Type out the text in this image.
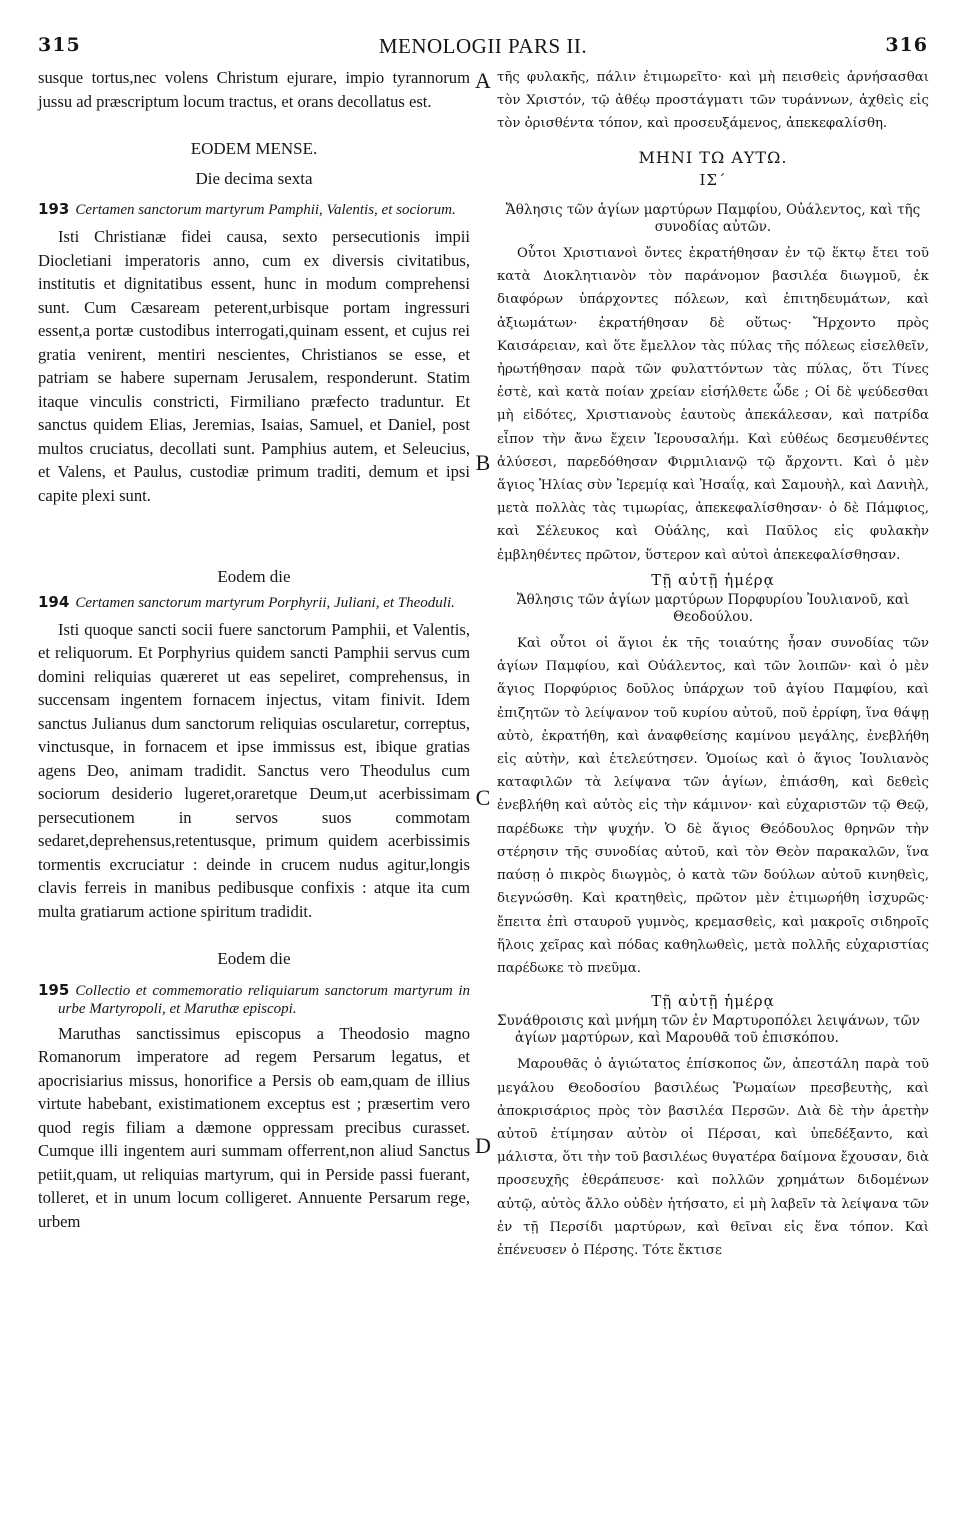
315	MENOLOGII PARS II.	316
A
B
C
D

susque tortus,nec volens Christum ejurare, impio tyrannorum jussu ad præscriptum locum tractus, et orans decollatus est.

EODEM MENSE.

Die decima sexta

193 Certamen sanctorum martyrum Pamphii, Valentis, et sociorum.

Isti Christianæ fidei causa, sexto persecutionis impii Diocletiani imperatoris anno, cum ex diversis civitatibus, institutis et dignitatibus essent, hunc in modum comprehensi sunt. Cum Cæsaream peterent,urbisque portam ingressuri essent,a portæ custodibus interrogati,quinam essent, et cujus rei gratia venirent, mentiri nescientes, Christianos se esse, et patriam se habere supernam Jerusalem, responderunt. Statim itaque vinculis constricti, Firmiliano præfecto traduntur. Et sanctus quidem Elias, Jeremias, Isaias, Samuel, et Daniel, post multos cruciatus, decollati sunt. Pamphius autem, et Seleucius, et Valens, et Paulus, custodiæ primum traditi, demum et ipsi capite plexi sunt.

Eodem die

194 Certamen sanctorum martyrum Porphyrii, Juliani, et Theoduli.

Isti quoque sancti socii fuere sanctorum Pamphii, et Valentis, et reliquorum. Et Porphyrius quidem sancti Pamphii servus cum domini reliquias quæreret ut eas sepeliret, comprehensus, in succensam ingentem fornacem injectus, vitam finivit. Idem sanctus Julianus dum sanctorum reliquias oscularetur, correptus, vinctusque, in fornacem et ipse immissus est, ibique gratias agens Deo, animam tradidit. Sanctus vero Theodulus cum sociorum desiderio lugeret,oraretque Deum,ut acerbissimam persecutionem in servos suos commotam sedaret,deprehensus,retentusque, primum quidem acerbissimis tormentis excruciatur : deinde in crucem nudus agitur,longis clavis ferreis in manibus pedibusque confixis : atque ita cum multa gratiarum actione spiritum tradidit.

Eodem die

195 Collectio et commemoratio reliquiarum sanctorum martyrum in urbe Martyropoli, et Maruthæ episcopi.

Maruthas sanctissimus episcopus a Theodosio magno Romanorum imperatore ad regem Persarum legatus, et apocrisiarius missus, honorifice a Persis ob eam,quam de illius virtute habebant, existimationem exceptus est ; præsertim vero quod regis filiam a dæmone oppressam precibus curasset. Cumque illi ingentem auri summam offerrent,non aliud Sanctus petiit,quam, ut reliquias martyrum, qui in Perside passi fuerant, tolleret, et in unum locum colligeret. Annuente Persarum rege, urbem

τῆς φυλακῆς, πάλιν ἐτιμωρεῖτο· καὶ μὴ πεισθεὶς ἀρνήσασθαι τὸν Χριστόν, τῷ ἀθέῳ προστάγματι τῶν τυράννων, ἀχθεὶς εἰς τὸν ὁρισθέντα τόπον, καὶ προσευξάμενος, ἀπεκεφαλίσθη.

ΜΗΝΙ ΤΩ ΑΥΤΩ.

ΙΣ΄

Ἄθλησις τῶν ἁγίων μαρτύρων Παμφίου, Οὐάλεντος, καὶ τῆς συνοδίας αὐτῶν.

Οὗτοι Χριστιανοὶ ὄντες ἐκρατήθησαν ἐν τῷ ἕκτῳ ἔτει τοῦ κατὰ Διοκλητιανὸν τὸν παράνομον βασιλέα διωγμοῦ, ἐκ διαφόρων ὑπάρχοντες πόλεων, καὶ ἐπιτηδευμάτων, καὶ ἀξιωμάτων· ἐκρατήθησαν δὲ οὕτως· Ἤρχοντο πρὸς Καισάρειαν, καὶ ὅτε ἔμελλον τὰς πύλας τῆς πόλεως εἰσελθεῖν, ἠρωτήθησαν παρὰ τῶν φυλαττόντων τὰς πύλας, ὅτι Τίνες ἐστὲ, καὶ κατὰ ποίαν χρείαν εἰσήλθετε ὧδε ; Οἱ δὲ ψεύδεσθαι μὴ εἰδότες, Χριστιανοὺς ἑαυτοὺς ἀπεκάλεσαν, καὶ πατρίδα εἶπον τὴν ἄνω ἔχειν Ἱερουσαλήμ. Καὶ εὐθέως δεσμευθέντες ἁλύσεσι, παρεδόθησαν Φιρμιλιανῷ τῷ ἄρχοντι. Καὶ ὁ μὲν ἅγιος Ἡλίας σὺν Ἱερεμίᾳ καὶ Ἡσαΐᾳ, καὶ Σαμουὴλ, καὶ Δανιὴλ, μετὰ πολλὰς τὰς τιμωρίας, ἀπεκεφαλίσθησαν· ὁ δὲ Πάμφιος, καὶ Σέλευκος καὶ Οὐάλης, καὶ Παῦλος εἰς φυλακὴν ἐμβληθέντες πρῶτον, ὕστερον καὶ αὐτοὶ ἀπεκεφαλίσθησαν.

Τῇ αὐτῇ ἡμέρᾳ

Ἄθλησις τῶν ἁγίων μαρτύρων Πορφυρίου Ἰουλιανοῦ, καὶ Θεοδούλου.

Καὶ οὗτοι οἱ ἅγιοι ἐκ τῆς τοιαύτης ἦσαν συνοδίας τῶν ἁγίων Παμφίου, καὶ Οὐάλεντος, καὶ τῶν λοιπῶν· καὶ ὁ μὲν ἅγιος Πορφύριος δοῦλος ὑπάρχων τοῦ ἁγίου Παμφίου, καὶ ἐπιζητῶν τὸ λείψανον τοῦ κυρίου αὐτοῦ, ποῦ ἐρρίφη, ἵνα θάψῃ αὐτὸ, ἐκρατήθη, καὶ ἀναφθείσης καμίνου μεγάλης, ἐνεβλήθη εἰς αὐτὴν, καὶ ἐτελεύτησεν. Ὁμοίως καὶ ὁ ἅγιος Ἰουλιανὸς καταφιλῶν τὰ λείψανα τῶν ἁγίων, ἐπιάσθη, καὶ δεθεὶς ἐνεβλήθη καὶ αὐτὸς εἰς τὴν κάμινον· καὶ εὐχαριστῶν τῷ Θεῷ, παρέδωκε τὴν ψυχήν. Ὁ δὲ ἅγιος Θεόδουλος θρηνῶν τὴν στέρησιν τῆς συνοδίας αὐτοῦ, καὶ τὸν Θεὸν παρακαλῶν, ἵνα παύσῃ ὁ πικρὸς διωγμὸς, ὁ κατὰ τῶν δούλων αὐτοῦ κινηθεὶς, διεγνώσθη. Καὶ κρατηθεὶς, πρῶτον μὲν ἐτιμωρήθη ἰσχυρῶς· ἔπειτα ἐπὶ σταυροῦ γυμνὸς, κρεμασθεὶς, καὶ μακροῖς σιδηροῖς ἥλοις χεῖρας καὶ πόδας καθηλωθεὶς, μετὰ πολλῆς εὐχαριστίας παρέδωκε τὸ πνεῦμα.

Τῇ αὐτῇ ἡμέρᾳ

Συνάθροισις καὶ μνήμη τῶν ἐν Μαρτυροπόλει λειψάνων, τῶν ἁγίων μαρτύρων, καὶ Μαρουθᾶ τοῦ ἐπισκόπου.

Μαρουθᾶς ὁ ἁγιώτατος ἐπίσκοπος ὤν, ἀπεστάλη παρὰ τοῦ μεγάλου Θεοδοσίου βασιλέως Ῥωμαίων πρεσβευτὴς, καὶ ἀποκρισάριος πρὸς τὸν βασιλέα Περσῶν. Διὰ δὲ τὴν ἀρετὴν αὐτοῦ ἐτίμησαν αὐτὸν οἱ Πέρσαι, καὶ ὑπεδέξαντο, καὶ μάλιστα, ὅτι τὴν τοῦ βασιλέως θυγατέρα δαίμονα ἔχουσαν, διὰ προσευχῆς ἐθεράπευσε· καὶ πολλῶν χρημάτων διδομένων αὐτῷ, αὐτὸς ἄλλο οὐδὲν ἠτήσατο, εἰ μὴ λαβεῖν τὰ λείψανα τῶν ἐν τῇ Περσίδι μαρτύρων, καὶ θεῖναι εἰς ἕνα τόπον. Καὶ ἐπένευσεν ὁ Πέρσης. Τότε ἔκτισε
